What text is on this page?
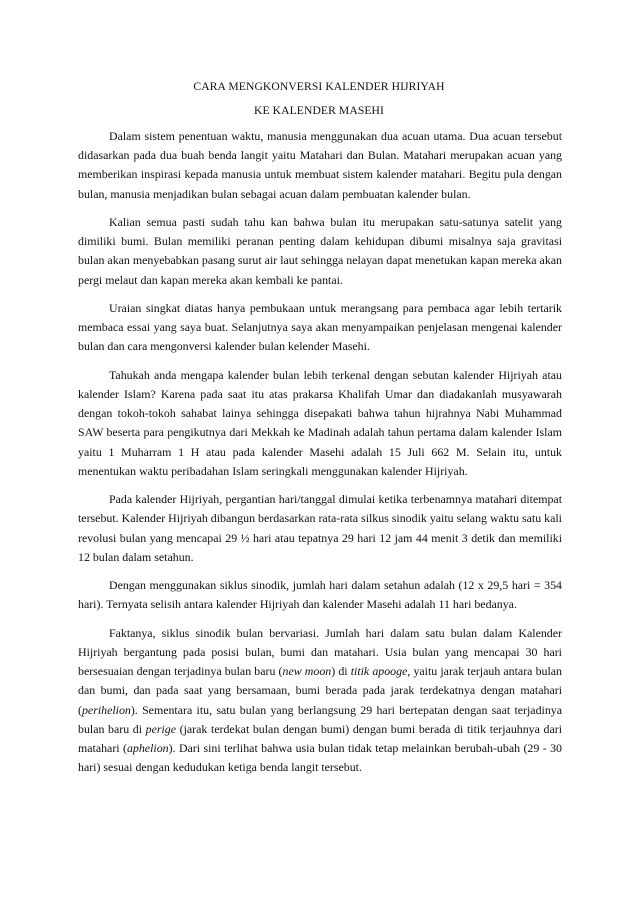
CARA MENGKONVERSI KALENDER HIJRIYAH
KE KALENDER MASEHI

Dalam sistem penentuan waktu, manusia menggunakan dua acuan utama. Dua acuan tersebut didasarkan pada dua buah benda langit yaitu Matahari dan Bulan. Matahari merupakan acuan yang memberikan inspirasi kepada manusia untuk membuat sistem kalender matahari. Begitu pula dengan bulan, manusia menjadikan bulan sebagai acuan dalam pembuatan kalender bulan.

Kalian semua pasti sudah tahu kan bahwa bulan itu merupakan satu-satunya satelit yang dimiliki bumi. Bulan memiliki peranan penting dalam kehidupan dibumi misalnya saja gravitasi bulan akan menyebabkan pasang surut air laut sehingga nelayan dapat menetukan kapan mereka akan pergi melaut dan kapan mereka akan kembali ke pantai.

Uraian singkat diatas hanya pembukaan untuk merangsang para pembaca agar lebih tertarik membaca essai yang saya buat. Selanjutnya saya akan menyampaikan penjelasan mengenai kalender bulan dan cara mengonversi kalender bulan kelender Masehi.

Tahukah anda mengapa kalender bulan lebih terkenal dengan sebutan kalender Hijriyah atau kalender Islam? Karena pada saat itu atas prakarsa Khalifah Umar dan diadakanlah musyawarah dengan tokoh-tokoh sahabat lainya sehingga disepakati bahwa tahun hijrahnya Nabi Muhammad SAW beserta para pengikutnya dari Mekkah ke Madinah adalah tahun pertama dalam kalender Islam yaitu 1 Muharram 1 H atau pada kalender Masehi adalah 15 Juli 662 M. Selain itu, untuk menentukan waktu peribadahan Islam seringkali menggunakan kalender Hijriyah.

Pada kalender Hijriyah, pergantian hari/tanggal dimulai ketika terbenamnya matahari ditempat tersebut. Kalender Hijriyah dibangun berdasarkan rata-rata silkus sinodik yaitu selang waktu satu kali revolusi bulan yang mencapai 29 ½ hari atau tepatnya 29 hari 12 jam 44 menit 3 detik dan memiliki 12 bulan dalam setahun.

Dengan menggunakan siklus sinodik, jumlah hari dalam setahun adalah (12 x 29,5 hari = 354 hari). Ternyata selisih antara kalender Hijriyah dan kalender Masehi adalah 11 hari bedanya.

Faktanya, siklus sinodik bulan bervariasi. Jumlah hari dalam satu bulan dalam Kalender Hijriyah bergantung pada posisi bulan, bumi dan matahari. Usia bulan yang mencapai 30 hari bersesuaian dengan terjadinya bulan baru (new moon) di titik apooge, yaitu jarak terjauh antara bulan dan bumi, dan pada saat yang bersamaan, bumi berada pada jarak terdekatnya dengan matahari (perihelion). Sementara itu, satu bulan yang berlangsung 29 hari bertepatan dengan saat terjadinya bulan baru di perige (jarak terdekat bulan dengan bumi) dengan bumi berada di titik terjauhnya dari matahari (aphelion). Dari sini terlihat bahwa usia bulan tidak tetap melainkan berubah-ubah (29 - 30 hari) sesuai dengan kedudukan ketiga benda langit tersebut.
